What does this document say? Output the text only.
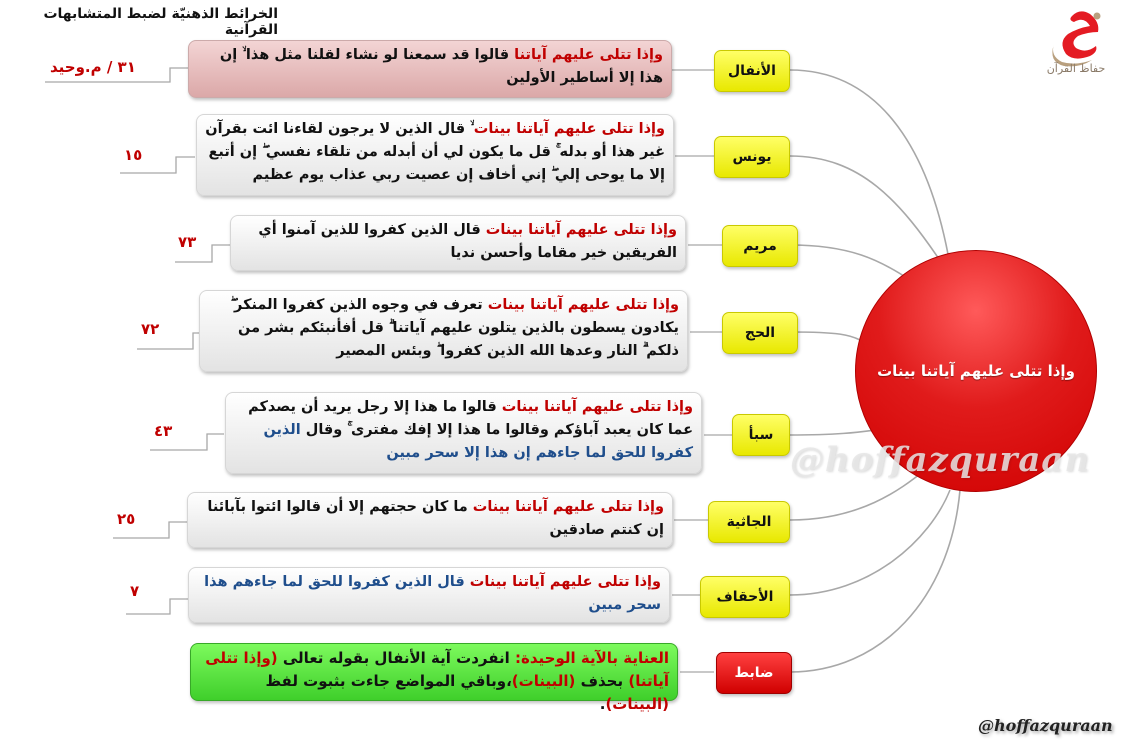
الخرائط الذهنيّة لضبط المتشابهات القرآنية
حفاظ القرآن
وإذا تتلى عليهم آياتنا قالوا قد سمعنا لو نشاء لقلنا مثل هذا ۙ إن هذا إلا أساطير الأولين	الأنفال
٣١ / م.وحيد
وإذا تتلى عليهم آياتنا بينات ۙ قال الذين لا يرجون لقاءنا ائت بقرآن غير هذا أو بدله ۚ قل ما يكون لي أن أبدله من تلقاء نفسي ۖ إن أتبع إلا ما يوحى إلي ۖ إني أخاف إن عصيت ربي عذاب يوم عظيم
يونس
١٥
وإذا تتلى عليهم آياتنا بينات قال الذين كفروا للذين آمنوا أي الفريقين خير مقاما وأحسن نديا	مريم
٧٣
وإذا تتلى عليهم آياتنا بينات تعرف في وجوه الذين كفروا المنكر ۖ يكادون يسطون بالذين يتلون عليهم آياتنا ۗ قل أفأنبئكم بشر من ذلكم ۗ النار وعدها الله الذين كفروا ۖ وبئس المصير
الحج
٧٢
وإذا تتلى عليهم آياتنا بينات قالوا ما هذا إلا رجل يريد أن يصدكم عما كان يعبد آباؤكم وقالوا ما هذا إلا إفك مفترى ۚ وقال الذين كفروا للحق لما جاءهم إن هذا إلا سحر مبين
سبأ
٤٣
وإذا تتلى عليهم آياتنا بينات ما كان حجتهم إلا أن قالوا ائتوا بآبائنا إن كنتم صادقين	الجاثية
٢٥
وإذا تتلى عليهم آياتنا بينات قال الذين كفروا للحق لما جاءهم هذا سحر مبين	الأحقاف
٧
العناية بالآية الوحيدة: انفردت آية الأنفال بقوله تعالى (وإذا تتلى آياتنا) بحذف (البينات)،وباقي المواضع جاءت بثبوت لفظ (البينات).
ضابط
وإذا تتلى عليهم آياتنا بينات
@hoffazquraan
@hoffazquraan
